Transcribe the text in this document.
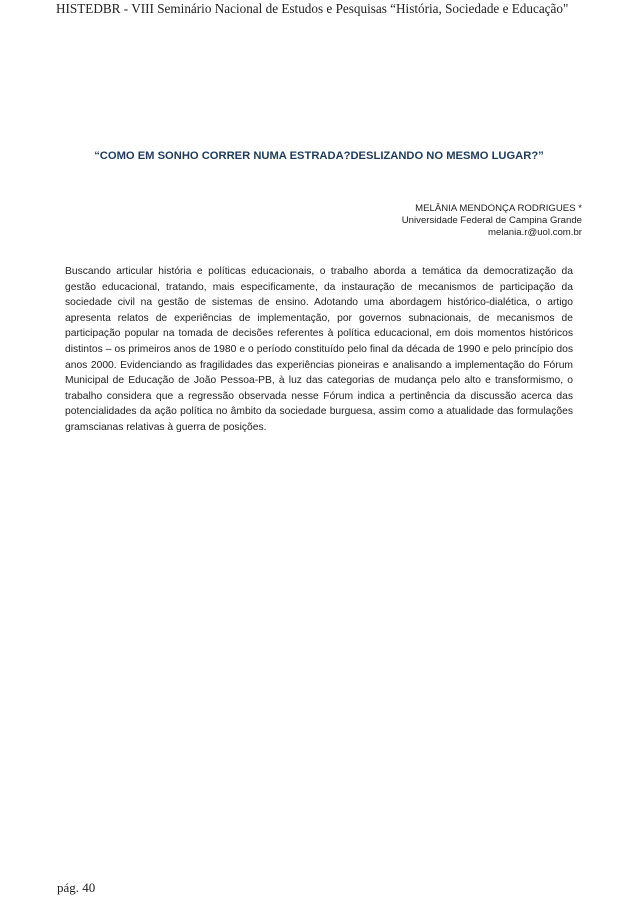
HISTEDBR - VIII Seminário Nacional de Estudos e Pesquisas “História, Sociedade e Educação"
“COMO EM SONHO CORRER NUMA ESTRADA?DESLIZANDO NO MESMO LUGAR?”
MELÂNIA MENDONÇA RODRIGUES *
Universidade Federal de Campina Grande
melania.r@uol.com.br

Buscando articular história e políticas educacionais, o trabalho aborda a temática da democratização da gestão educacional, tratando, mais especificamente, da instauração de mecanismos de participação da sociedade civil na gestão de sistemas de ensino. Adotando uma abordagem histórico-dialética, o artigo apresenta relatos de experiências de implementação, por governos subnacionais, de mecanismos de participação popular na tomada de decisões referentes à política educacional, em dois momentos históricos distintos – os primeiros anos de 1980 e o período constituído pelo final da década de 1990 e pelo princípio dos anos 2000. Evidenciando as fragilidades das experiências pioneiras e analisando a implementação do Fórum Municipal de Educação de João Pessoa-PB, à luz das categorias de mudança pelo alto e transformismo, o trabalho considera que a regressão observada nesse Fórum indica a pertinência da discussão acerca das potencialidades da ação política no âmbito da sociedade burguesa, assim como a atualidade das formulações gramscianas relativas à guerra de posições.

pág. 40
